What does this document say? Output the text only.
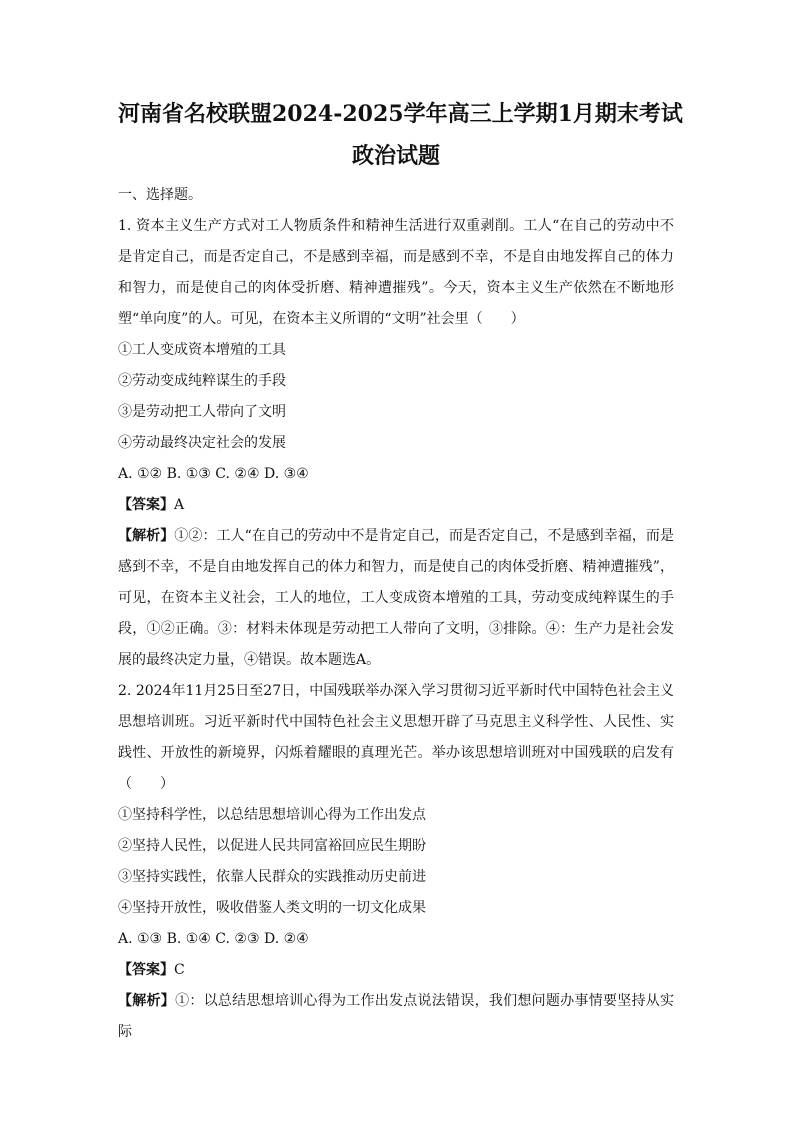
河南省名校联盟2024-2025学年高三上学期1月期末考试
政治试题

一、选择题。

1. 资本主义生产方式对工人物质条件和精神生活进行双重剥削。工人“在自己的劳动中不是肯定自己，而是否定自己，不是感到幸福，而是感到不幸，不是自由地发挥自己的体力和智力，而是使自己的肉体受折磨、精神遭摧残”。今天，资本主义生产依然在不断地形塑“单向度”的人。可见，在资本主义所谓的“文明”社会里（　　）

①工人变成资本增殖的工具

②劳动变成纯粹谋生的手段

③是劳动把工人带向了文明

④劳动最终决定社会的发展

A. ①② B. ①③ C. ②④ D. ③④

【答案】A

【解析】①②：工人“在自己的劳动中不是肯定自己，而是否定自己，不是感到幸福，而是感到不幸，不是自由地发挥自己的体力和智力，而是使自己的肉体受折磨、精神遭摧残”，可见，在资本主义社会，工人的地位，工人变成资本增殖的工具，劳动变成纯粹谋生的手段，①②正确。③：材料未体现是劳动把工人带向了文明，③排除。④：生产力是社会发展的最终决定力量，④错误。故本题选A。

2. 2024年11月25日至27日，中国残联举办深入学习贯彻习近平新时代中国特色社会主义思想培训班。习近平新时代中国特色社会主义思想开辟了马克思主义科学性、人民性、实践性、开放性的新境界，闪烁着耀眼的真理光芒。举办该思想培训班对中国残联的启发有（　　）

①坚持科学性，以总结思想培训心得为工作出发点

②坚持人民性，以促进人民共同富裕回应民生期盼

③坚持实践性，依靠人民群众的实践推动历史前进

④坚持开放性，吸收借鉴人类文明的一切文化成果

A. ①③ B. ①④ C. ②③ D. ②④

【答案】C

【解析】①：以总结思想培训心得为工作出发点说法错误，我们想问题办事情要坚持从实际
